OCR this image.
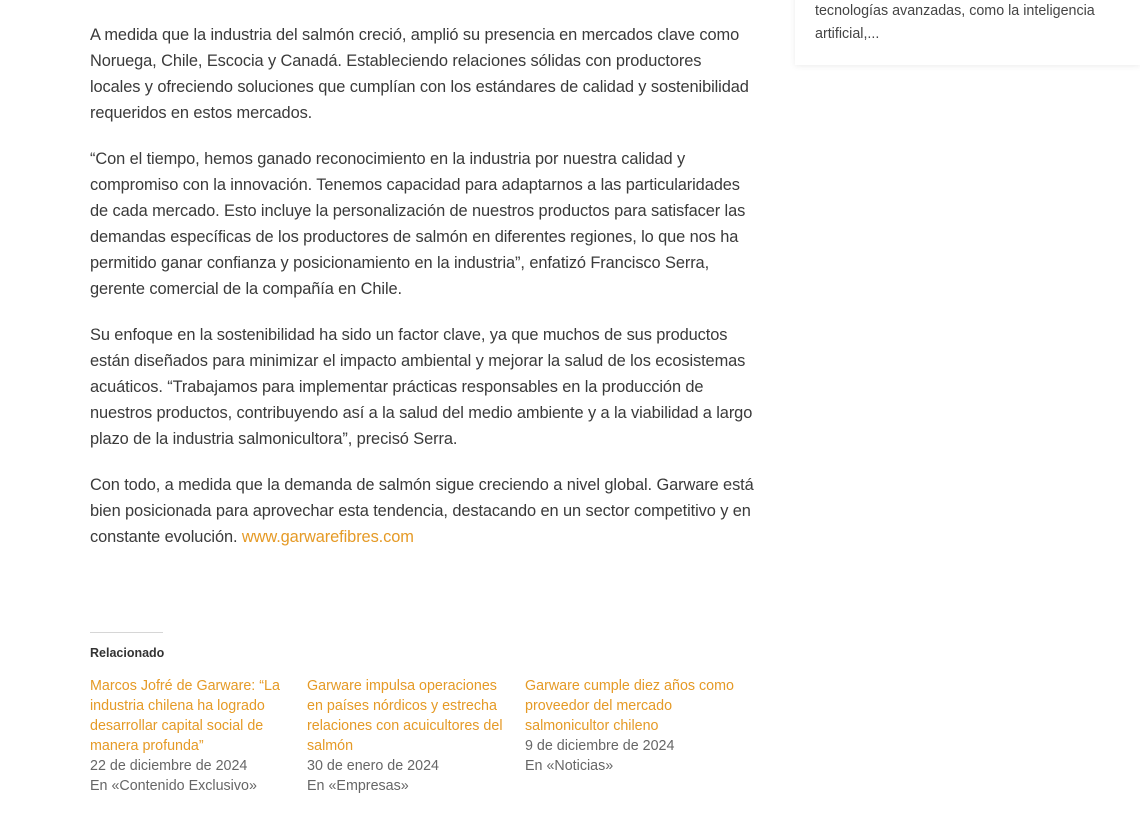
tecnologías avanzadas, como la inteligencia artificial,...

A medida que la industria del salmón creció, amplió su presencia en mercados clave como Noruega, Chile, Escocia y Canadá. Estableciendo relaciones sólidas con productores locales y ofreciendo soluciones que cumplían con los estándares de calidad y sostenibilidad requeridos en estos mercados.

“Con el tiempo, hemos ganado reconocimiento en la industria por nuestra calidad y compromiso con la innovación. Tenemos capacidad para adaptarnos a las particularidades de cada mercado. Esto incluye la personalización de nuestros productos para satisfacer las demandas específicas de los productores de salmón en diferentes regiones, lo que nos ha permitido ganar confianza y posicionamiento en la industria”, enfatizó Francisco Serra, gerente comercial de la compañía en Chile.

Su enfoque en la sostenibilidad ha sido un factor clave, ya que muchos de sus productos están diseñados para minimizar el impacto ambiental y mejorar la salud de los ecosistemas acuáticos. “Trabajamos para implementar prácticas responsables en la producción de nuestros productos, contribuyendo así a la salud del medio ambiente y a la viabilidad a largo plazo de la industria salmonicultora”, precisó Serra.

Con todo, a medida que la demanda de salmón sigue creciendo a nivel global. Garware está bien posicionada para aprovechar esta tendencia, destacando en un sector competitivo y en constante evolución. www.garwarefibres.com

Relacionado
Marcos Jofré de Garware: “La industria chilena ha logrado desarrollar capital social de manera profunda”
22 de diciembre de 2024
En «Contenido Exclusivo»
Garware impulsa operaciones en países nórdicos y estrecha relaciones con acuicultores del salmón
30 de enero de 2024
En «Empresas»
Garware cumple diez años como proveedor del mercado salmonicultor chileno
9 de diciembre de 2024
En «Noticias»
